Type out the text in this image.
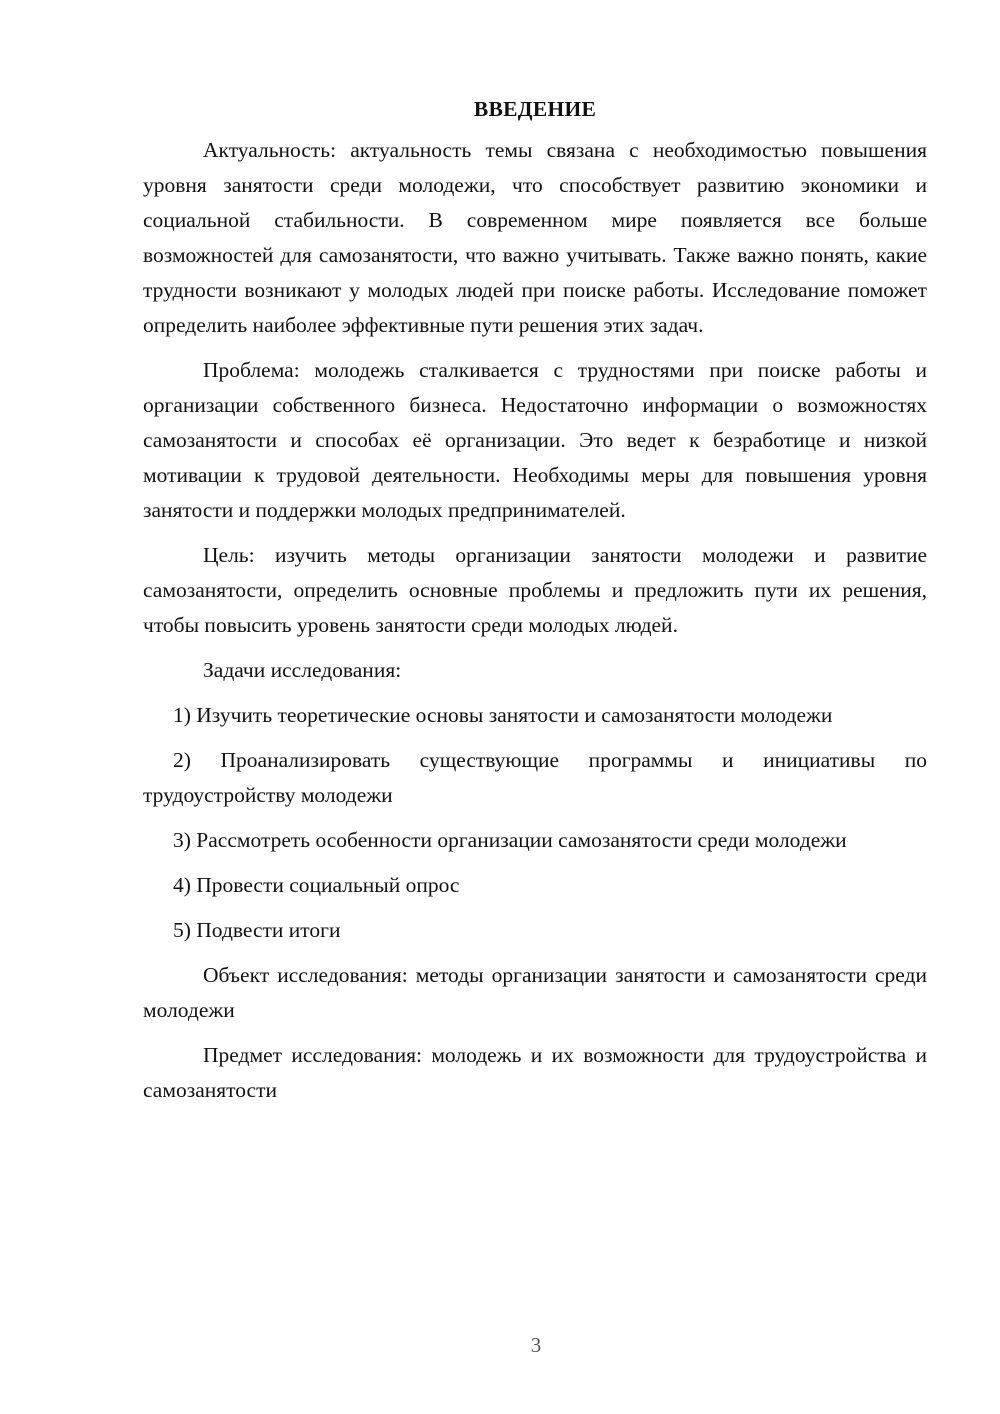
ВВЕДЕНИЕ

Актуальность: актуальность темы связана с необходимостью повышения уровня занятости среди молодежи, что способствует развитию экономики и социальной стабильности. В современном мире появляется все больше возможностей для самозанятости, что важно учитывать. Также важно понять, какие трудности возникают у молодых людей при поиске работы. Исследование поможет определить наиболее эффективные пути решения этих задач.

Проблема: молодежь сталкивается с трудностями при поиске работы и организации собственного бизнеса. Недостаточно информации о возможностях самозанятости и способах её организации. Это ведет к безработице и низкой мотивации к трудовой деятельности. Необходимы меры для повышения уровня занятости и поддержки молодых предпринимателей.

Цель: изучить методы организации занятости молодежи и развитие самозанятости, определить основные проблемы и предложить пути их решения, чтобы повысить уровень занятости среди молодых людей.

Задачи исследования:

1) Изучить теоретические основы занятости и самозанятости молодежи

2) Проанализировать существующие программы и инициативы по трудоустройству молодежи

3) Рассмотреть особенности организации самозанятости среди молодежи

4) Провести социальный опрос

5) Подвести итоги

Объект исследования: методы организации занятости и самозанятости среди молодежи

Предмет исследования: молодежь и их возможности для трудоустройства и самозанятости

3
